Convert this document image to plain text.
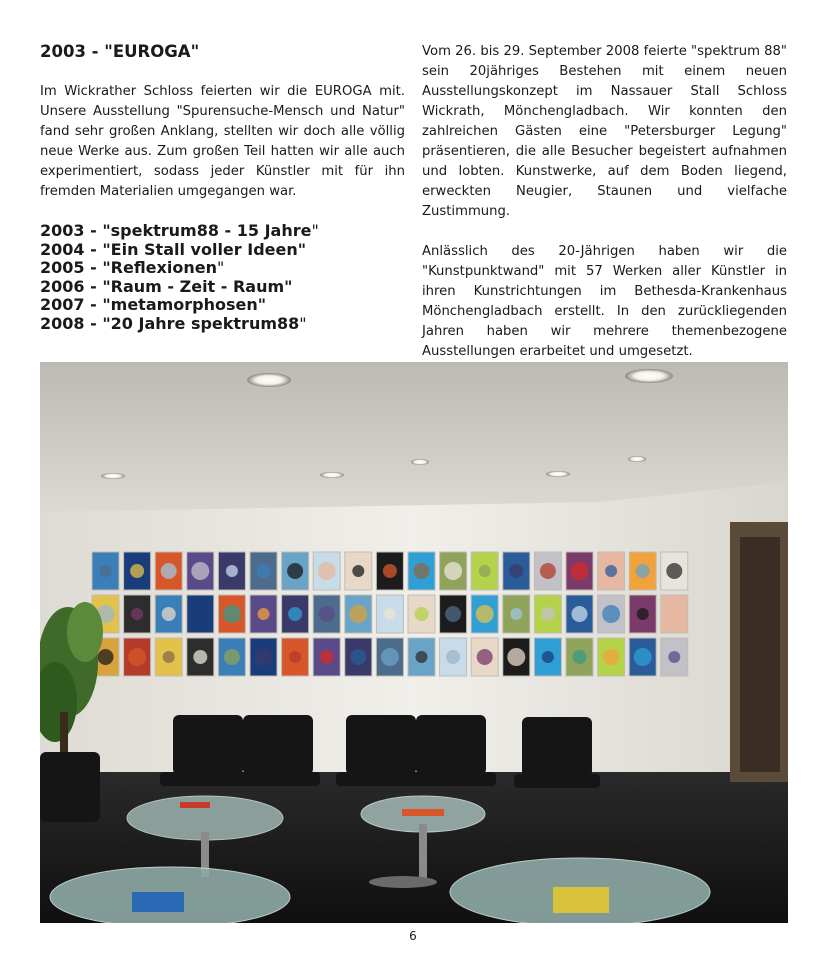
2003 - "EUROGA"

Im Wickrather Schloss feierten wir die EUROGA mit. Unsere Ausstellung "Spurensuche-Mensch und Natur" fand sehr großen Anklang, stellten wir doch alle völlig neue Werke aus. Zum großen Teil hatten wir alle auch experimentiert, sodass jeder Künstler mit für ihn fremden Materialien umgegangen war.

2003 - "spektrum88 - 15 Jahre"
2004 - "Ein Stall voller Ideen"
2005 - "Reflexionen"
2006 - "Raum - Zeit - Raum"
2007 - "metamorphosen"
2008 - "20 Jahre spektrum88"

Vom 26. bis 29. September 2008 feierte "spektrum 88" sein 20jähriges Bestehen mit einem neuen Ausstellungskonzept im Nassauer Stall Schloss Wickrath, Mönchengladbach. Wir konnten den zahlreichen Gästen eine "Petersburger Legung" präsentieren, die alle Besucher begeistert aufnahmen und lobten. Kunstwerke, auf dem Boden liegend, erweckten Neugier, Staunen und vielfache Zustimmung.

Anlässlich des 20-Jährigen haben wir die "Kunstpunktwand" mit 57 Werken aller Künstler in ihren Kunstrichtungen im Bethesda-Krankenhaus Mönchengladbach erstellt. In den zurückliegenden Jahren haben wir mehrere themenbezogene Ausstellungen erarbeitet und umgesetzt.

6
